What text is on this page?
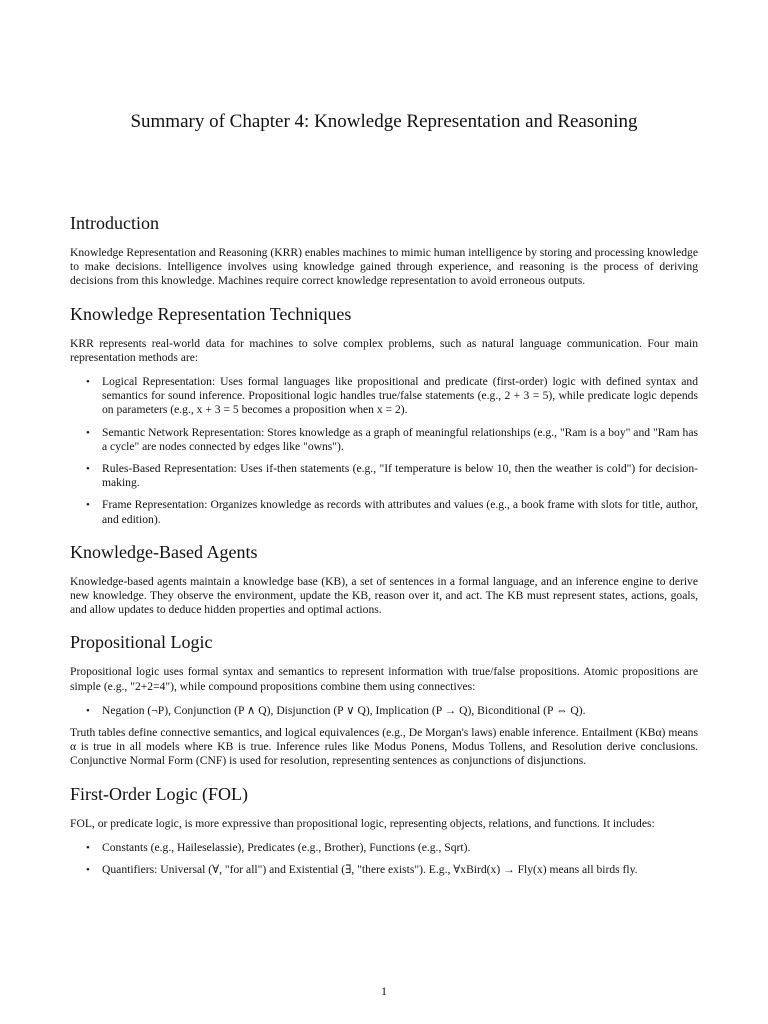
Summary of Chapter 4: Knowledge Representation and Reasoning
Introduction

Knowledge Representation and Reasoning (KRR) enables machines to mimic human intelligence by storing and processing knowledge to make decisions. Intelligence involves using knowledge gained through experience, and reasoning is the process of deriving decisions from this knowledge. Machines require correct knowledge representation to avoid erroneous outputs.

Knowledge Representation Techniques

KRR represents real-world data for machines to solve complex problems, such as natural language communication. Four main representation methods are:

• Logical Representation: Uses formal languages like propositional and predicate (first-order) logic with defined syntax and semantics for sound inference. Propositional logic handles true/false statements (e.g., 2 + 3 = 5), while predicate logic depends on parameters (e.g., x + 3 = 5 becomes a proposition when x = 2).
• Semantic Network Representation: Stores knowledge as a graph of meaningful relationships (e.g., "Ram is a boy" and "Ram has a cycle" are nodes connected by edges like "owns").
• Rules-Based Representation: Uses if-then statements (e.g., "If temperature is below 10, then the weather is cold") for decision-making.
• Frame Representation: Organizes knowledge as records with attributes and values (e.g., a book frame with slots for title, author, and edition).
Knowledge-Based Agents

Knowledge-based agents maintain a knowledge base (KB), a set of sentences in a formal language, and an inference engine to derive new knowledge. They observe the environment, update the KB, reason over it, and act. The KB must represent states, actions, goals, and allow updates to deduce hidden properties and optimal actions.

Propositional Logic

Propositional logic uses formal syntax and semantics to represent information with true/false propositions. Atomic propositions are simple (e.g., "2+2=4"), while compound propositions combine them using connectives:

• Negation (¬P), Conjunction (P ∧ Q), Disjunction (P ∨ Q), Implication (P → Q), Biconditional (P ⇔ Q).

Truth tables define connective semantics, and logical equivalences (e.g., De Morgan's laws) enable inference. Entailment (KBα) means α is true in all models where KB is true. Inference rules like Modus Ponens, Modus Tollens, and Resolution derive conclusions. Conjunctive Normal Form (CNF) is used for resolution, representing sentences as conjunctions of disjunctions.

First-Order Logic (FOL)

FOL, or predicate logic, is more expressive than propositional logic, representing objects, relations, and functions. It includes:

• Constants (e.g., Haileselassie), Predicates (e.g., Brother), Functions (e.g., Sqrt).
• Quantifiers: Universal (∀, "for all") and Existential (∃, "there exists"). E.g., ∀xBird(x) → Fly(x) means all birds fly.
1
